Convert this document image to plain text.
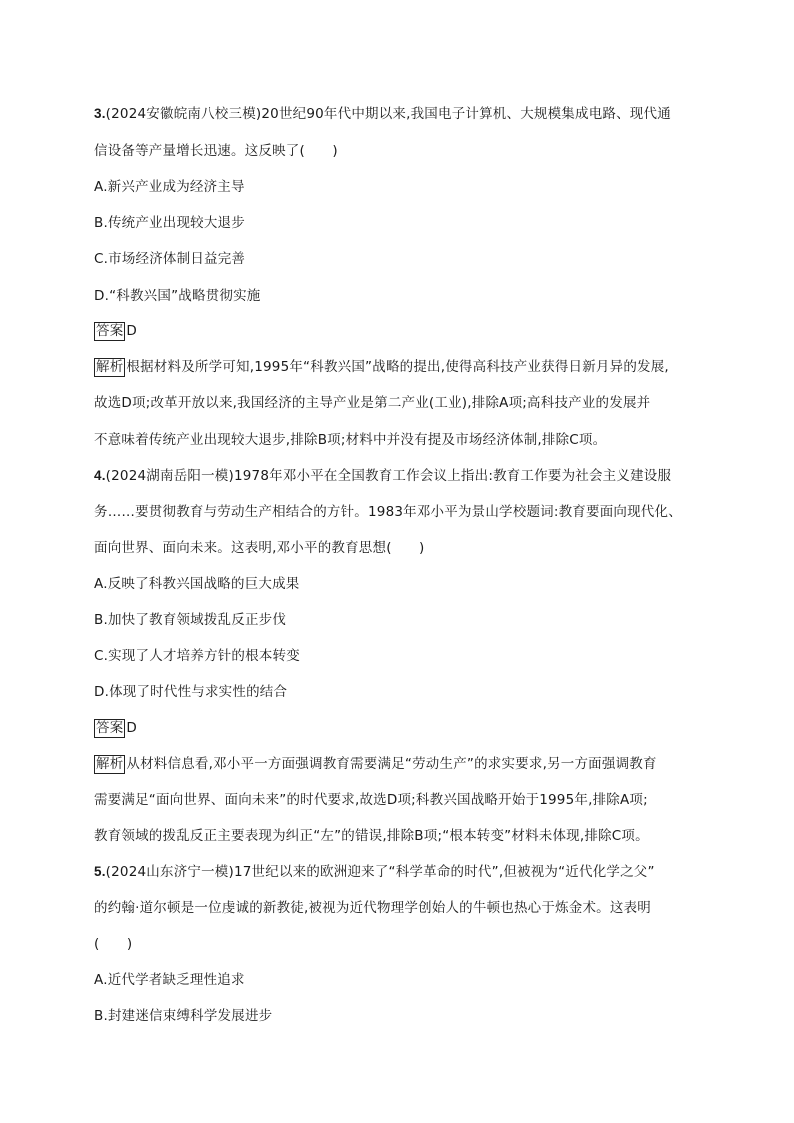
3.(2024安徽皖南八校三模)20世纪90年代中期以来,我国电子计算机、大规模集成电路、现代通
信设备等产量增长迅速。这反映了(　　)
A.新兴产业成为经济主导
B.传统产业出现较大退步
C.市场经济体制日益完善
D.“科教兴国”战略贯彻实施
答案 D
解析 根据材料及所学可知,1995年“科教兴国”战略的提出,使得高科技产业获得日新月异的发展,
故选D项;改革开放以来,我国经济的主导产业是第二产业(工业),排除A项;高科技产业的发展并
不意味着传统产业出现较大退步,排除B项;材料中并没有提及市场经济体制,排除C项。
4.(2024湖南岳阳一模)1978年邓小平在全国教育工作会议上指出:教育工作要为社会主义建设服
务……要贯彻教育与劳动生产相结合的方针。1983年邓小平为景山学校题词:教育要面向现代化、
面向世界、面向未来。这表明,邓小平的教育思想(　　)
A.反映了科教兴国战略的巨大成果
B.加快了教育领域拨乱反正步伐
C.实现了人才培养方针的根本转变
D.体现了时代性与求实性的结合
答案 D
解析 从材料信息看,邓小平一方面强调教育需要满足“劳动生产”的求实要求,另一方面强调教育
需要满足“面向世界、面向未来”的时代要求,故选D项;科教兴国战略开始于1995年,排除A项;
教育领域的拨乱反正主要表现为纠正“左”的错误,排除B项;“根本转变”材料未体现,排除C项。
5.(2024山东济宁一模)17世纪以来的欧洲迎来了“科学革命的时代”,但被视为“近代化学之父”
的约翰·道尔顿是一位虔诚的新教徒,被视为近代物理学创始人的牛顿也热心于炼金术。这表明
(　　)
A.近代学者缺乏理性追求
B.封建迷信束缚科学发展进步
